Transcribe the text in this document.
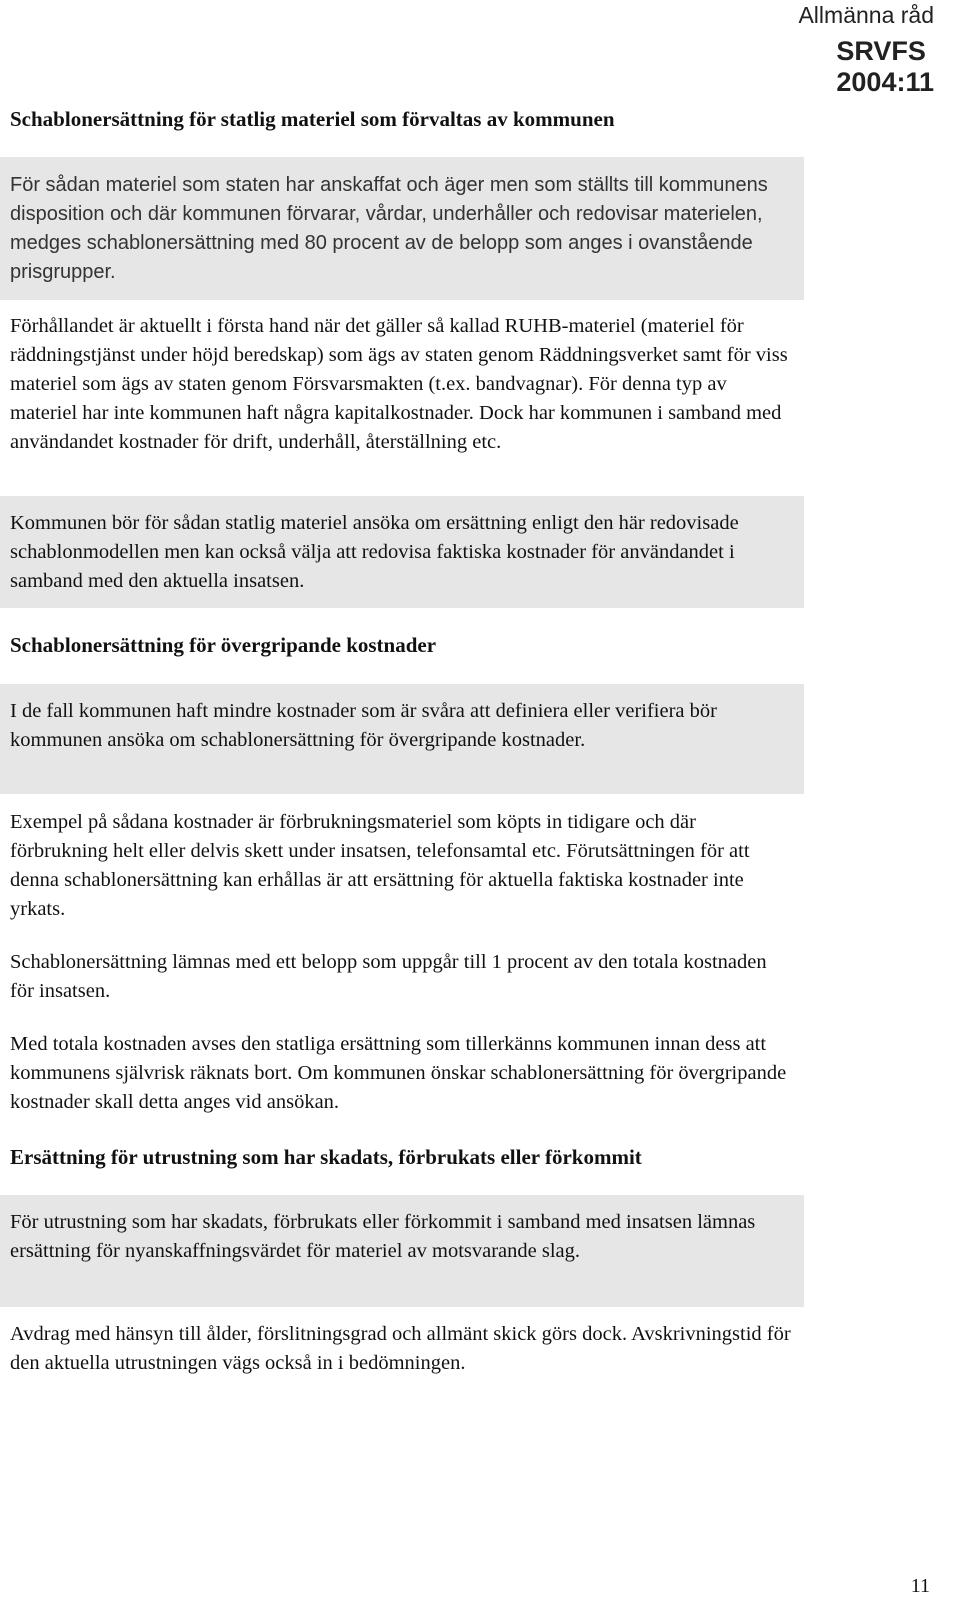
Allmänna råd
SRVFS
2004:11
Schablonersättning för statlig materiel som förvaltas av kommunen

För sådan materiel som staten har anskaffat och äger men som ställts till kommunens disposition och där kommunen förvarar, vårdar, underhåller och redovisar materielen, medges schablonersättning med 80 procent av de belopp som anges i ovanstående prisgrupper.

Förhållandet är aktuellt i första hand när det gäller så kallad RUHB-materiel (materiel för räddningstjänst under höjd beredskap) som ägs av staten genom Räddningsverket samt för viss materiel som ägs av staten genom Försvarsmakten (t.ex. bandvagnar). För denna typ av materiel har inte kommunen haft några kapitalkostnader. Dock har kommunen i samband med användandet kostnader för drift, underhåll, återställning etc.

Kommunen bör för sådan statlig materiel ansöka om ersättning enligt den här redovisade schablonmodellen men kan också välja att redovisa faktiska kostnader för användandet i samband med den aktuella insatsen.

Schablonersättning för övergripande kostnader

I de fall kommunen haft mindre kostnader som är svåra att definiera eller verifiera bör kommunen ansöka om schablonersättning för övergripande kostnader.

Exempel på sådana kostnader är förbrukningsmateriel som köpts in tidigare och där förbrukning helt eller delvis skett under insatsen, telefonsamtal etc. Förutsättningen för att denna schablonersättning kan erhållas är att ersättning för aktuella faktiska kostnader inte yrkats.

Schablonersättning lämnas med ett belopp som uppgår till 1 procent av den totala kostnaden för insatsen.

Med totala kostnaden avses den statliga ersättning som tillerkänns kommunen innan dess att kommunens självrisk räknats bort. Om kommunen önskar schablonersättning för övergripande kostnader skall detta anges vid ansökan.

Ersättning för utrustning som har skadats, förbrukats eller förkommit

För utrustning som har skadats, förbrukats eller förkommit i samband med insatsen lämnas ersättning för nyanskaffningsvärdet för materiel av motsvarande slag.

Avdrag med hänsyn till ålder, förslitningsgrad och allmänt skick görs dock. Avskrivningstid för den aktuella utrustningen vägs också in i bedömningen.

11
